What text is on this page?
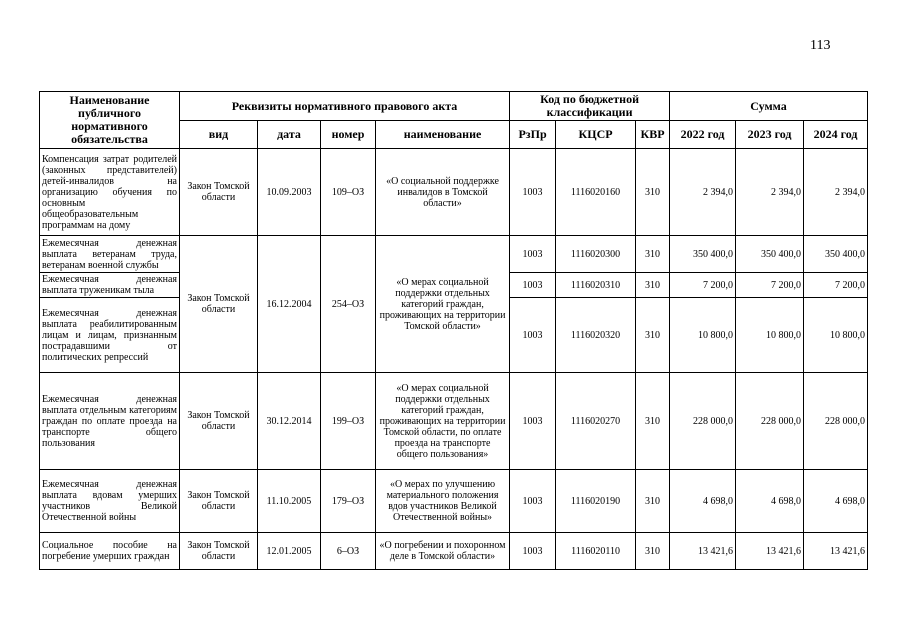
113
Наименование публичного нормативного обязательства	Реквизиты нормативного правового акта				Код по бюджетной классификации			Сумма		
	вид	дата	номер	наименование	РзПр	КЦСР	КВР	2022 год	2023 год	2024 год
Компенсация затрат родителей (законных представителей) детей-инвалидов на организацию обучения по основным общеобразовательным программам на дому	Закон Томской области	10.09.2003	109–ОЗ	«О социальной поддержке инвалидов в Томской области»	1003	1116020160	310	2 394,0	2 394,0	2 394,0
Ежемесячная денежная выплата ветеранам труда, ветеранам военной службы	Закон Томской области	16.12.2004	254–ОЗ	«О мерах социальной поддержки отдельных категорий граждан, проживающих на территории Томской области»	1003	1116020300	310	350 400,0	350 400,0	350 400,0
Ежемесячная денежная выплата труженикам тыла					1003	1116020310	310	7 200,0	7 200,0	7 200,0
Ежемесячная денежная выплата реабилитированным лицам и лицам, признанным пострадавшими от политических репрессий					1003	1116020320	310	10 800,0	10 800,0	10 800,0
Ежемесячная денежная выплата отдельным категориям граждан по оплате проезда на транспорте общего пользования	Закон Томской области	30.12.2014	199–ОЗ	«О мерах социальной поддержки отдельных категорий граждан, проживающих на территории Томской области, по оплате проезда на транспорте общего пользования»	1003	1116020270	310	228 000,0	228 000,0	228 000,0
Ежемесячная денежная выплата вдовам умерших участников Великой Отечественной войны	Закон Томской области	11.10.2005	179–ОЗ	«О мерах по улучшению материального положения вдов участников Великой Отечественной войны»	1003	1116020190	310	4 698,0	4 698,0	4 698,0
Социальное пособие на погребение умерших граждан	Закон Томской области	12.01.2005	6–ОЗ	«О погребении и похоронном деле в Томской области»	1003	1116020110	310	13 421,6	13 421,6	13 421,6
